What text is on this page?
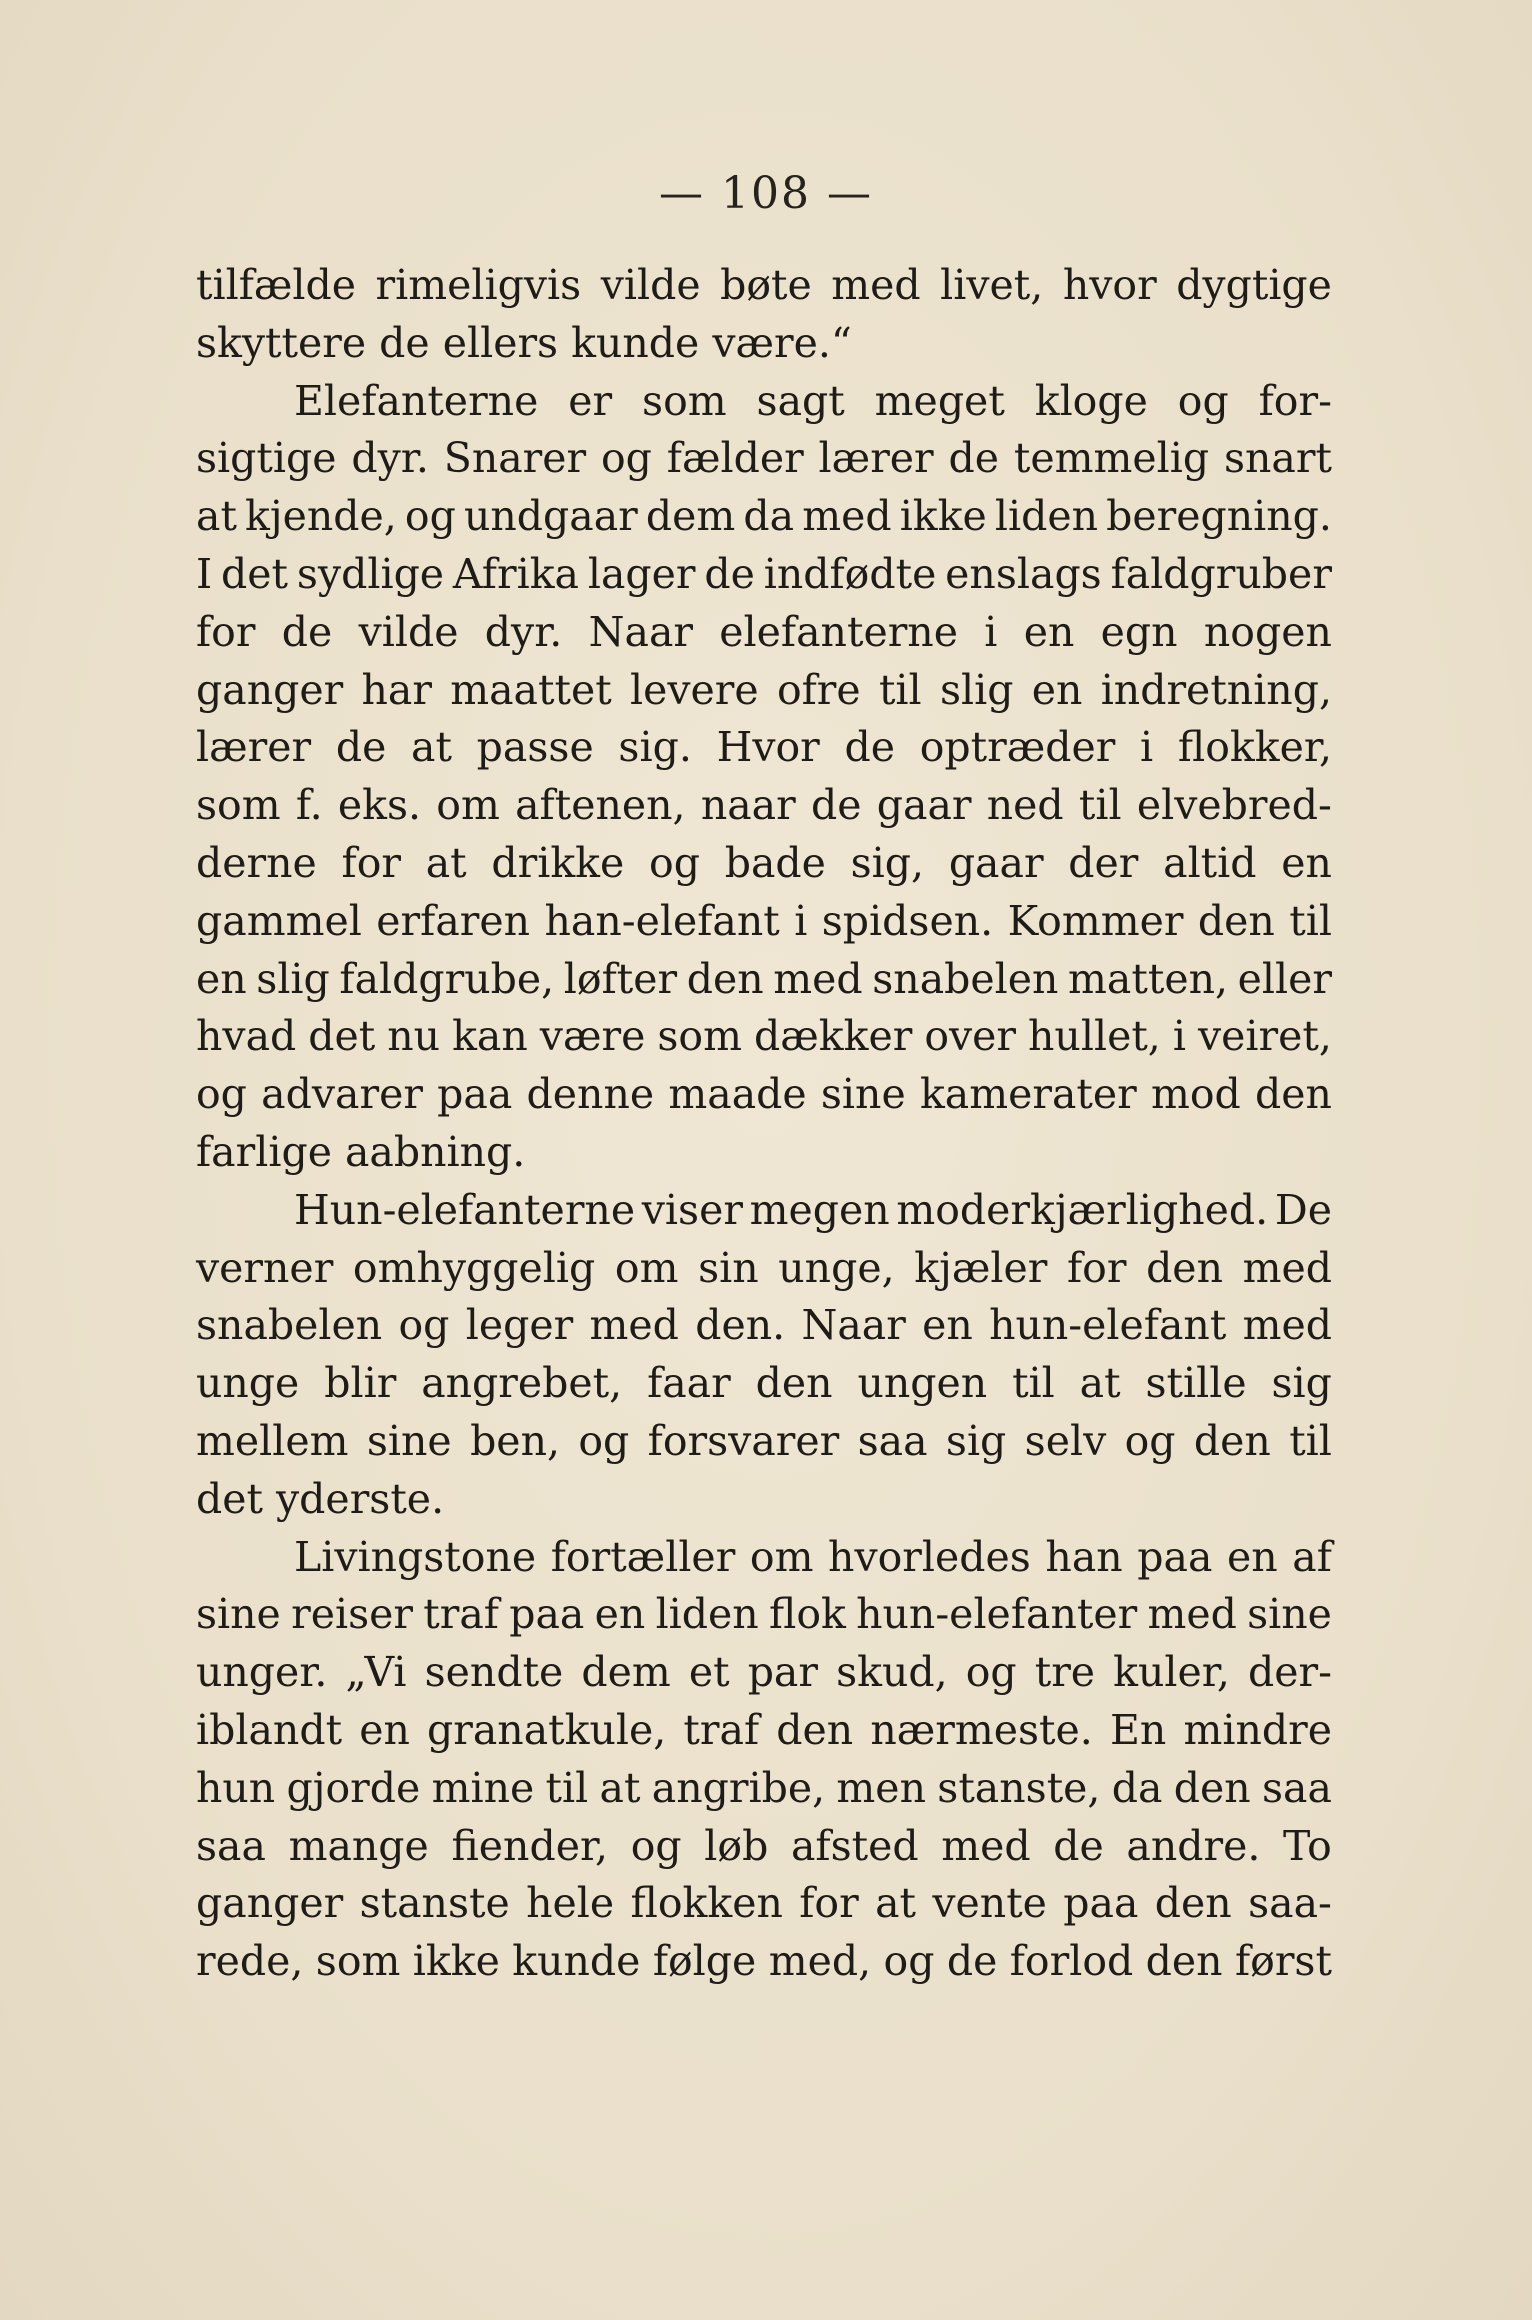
— 108 —
tilfælde rimeligvis vilde bøte med livet, hvor dygtige
skyttere de ellers kunde være.“
Elefanterne er som sagt meget kloge og for-
sigtige dyr. Snarer og fælder lærer de temmelig snart
at kjende, og undgaar dem da med ikke liden beregning.
I det sydlige Afrika lager de indfødte enslags faldgruber
for de vilde dyr. Naar elefanterne i en egn nogen
ganger har maattet levere ofre til slig en indretning,
lærer de at passe sig. Hvor de optræder i flokker,
som f. eks. om aftenen, naar de gaar ned til elvebred-
derne for at drikke og bade sig, gaar der altid en
gammel erfaren han-elefant i spidsen. Kommer den til
en slig faldgrube, løfter den med snabelen matten, eller
hvad det nu kan være som dækker over hullet, i veiret,
og advarer paa denne maade sine kamerater mod den
farlige aabning.
Hun-elefanterne viser megen moderkjærlighed. De
verner omhyggelig om sin unge, kjæler for den med
snabelen og leger med den. Naar en hun-elefant med
unge blir angrebet, faar den ungen til at stille sig
mellem sine ben, og forsvarer saa sig selv og den til
det yderste.
Livingstone fortæller om hvorledes han paa en af
sine reiser traf paa en liden flok hun-elefanter med sine
unger. „Vi sendte dem et par skud, og tre kuler, der-
iblandt en granatkule, traf den nærmeste. En mindre
hun gjorde mine til at angribe, men stanste, da den saa
saa mange fiender, og løb afsted med de andre. To
ganger stanste hele flokken for at vente paa den saa-
rede, som ikke kunde følge med, og de forlod den først
